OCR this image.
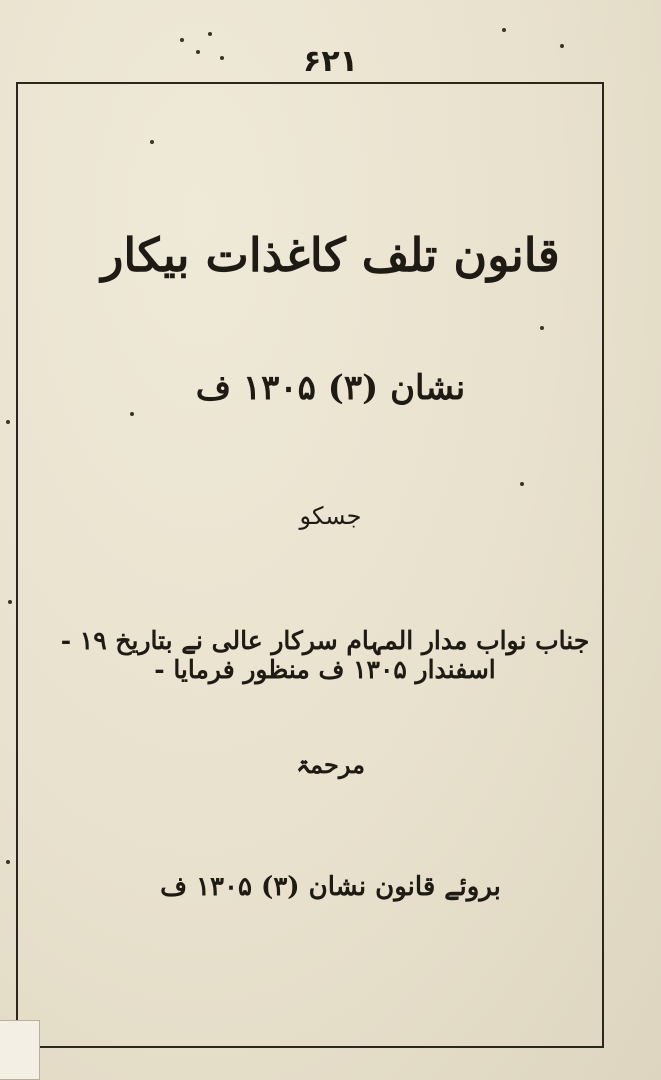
۶۲۱
قانون تلف کاغذات بیکار
نشان (۳) ۱۳۰۵ ف
جسکو
جناب نواب مدار المہام سرکار عالی نے بتاریخ ۱۹ - اسفندار ۱۳۰۵ ف منظور فرمایا -
مرحمۃ
بروئے قانون نشان (۳) ۱۳۰۵ ف
